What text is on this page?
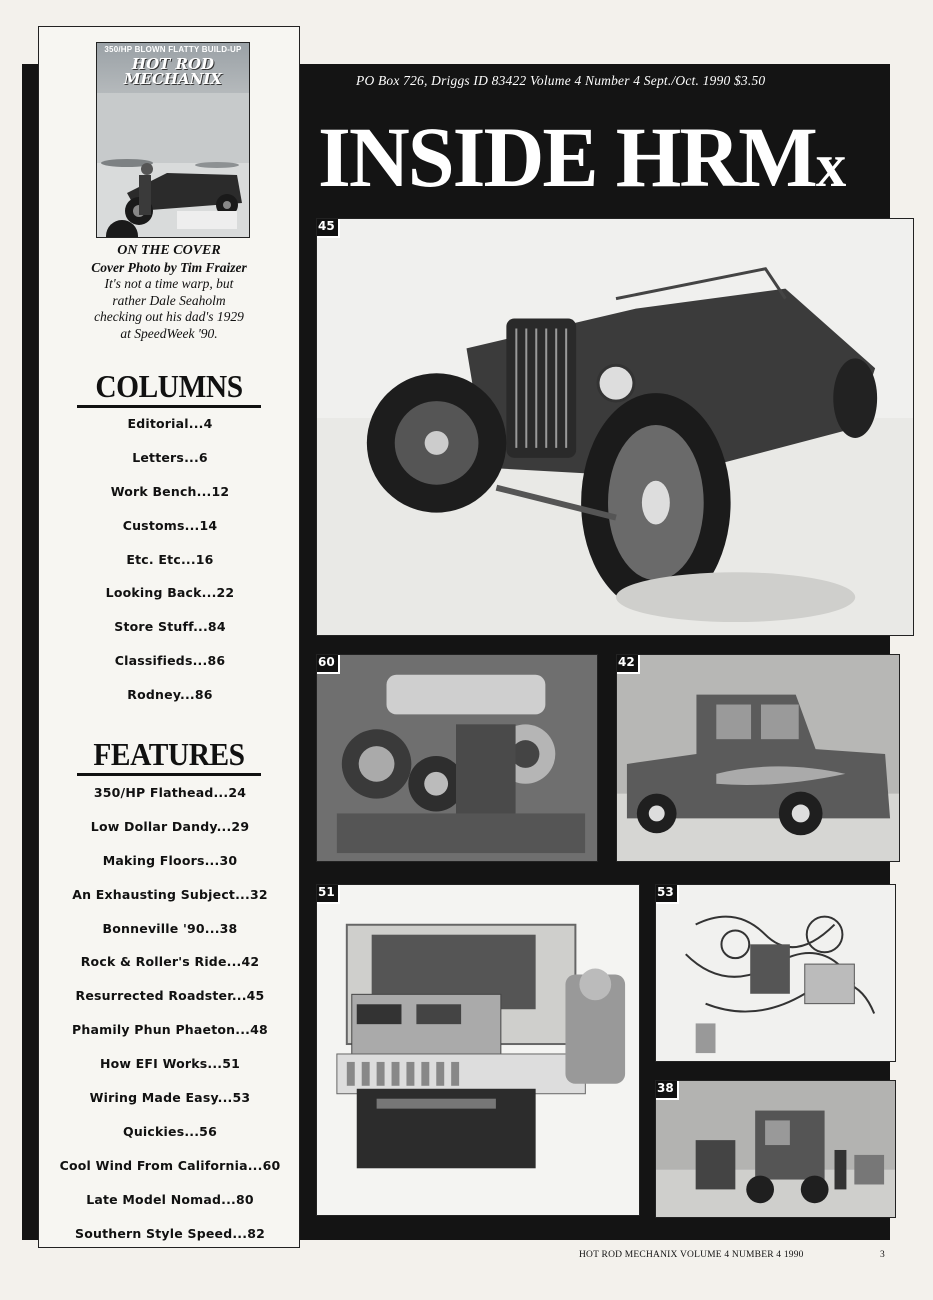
PO Box 726, Driggs ID 83422 Volume 4 Number 4 Sept./Oct. 1990 $3.50
INSIDE HRMx
350/HP BLOWN FLATTY BUILD-UP
HOT ROD MECHANIX
ON THE COVER
Cover Photo by Tim Fraizer
It's not a time warp, but
rather Dale Seaholm
checking out his dad's 1929
at SpeedWeek '90.
COLUMNS
Editorial...4
Letters...6
Work Bench...12
Customs...14
Etc. Etc...16
Looking Back...22
Store Stuff...84
Classifieds...86
Rodney...86
FEATURES
350/HP Flathead...24
Low Dollar Dandy...29
Making Floors...30
An Exhausting Subject...32
Bonneville '90...38
Rock & Roller's Ride...42
Resurrected Roadster...45
Phamily Phun Phaeton...48
How EFI Works...51
Wiring Made Easy...53
Quickies...56
Cool Wind From California...60
Late Model Nomad...80
Southern Style Speed...82
45
60	42
51	53
38
HOT ROD MECHANIX VOLUME 4 NUMBER 4 1990	3
